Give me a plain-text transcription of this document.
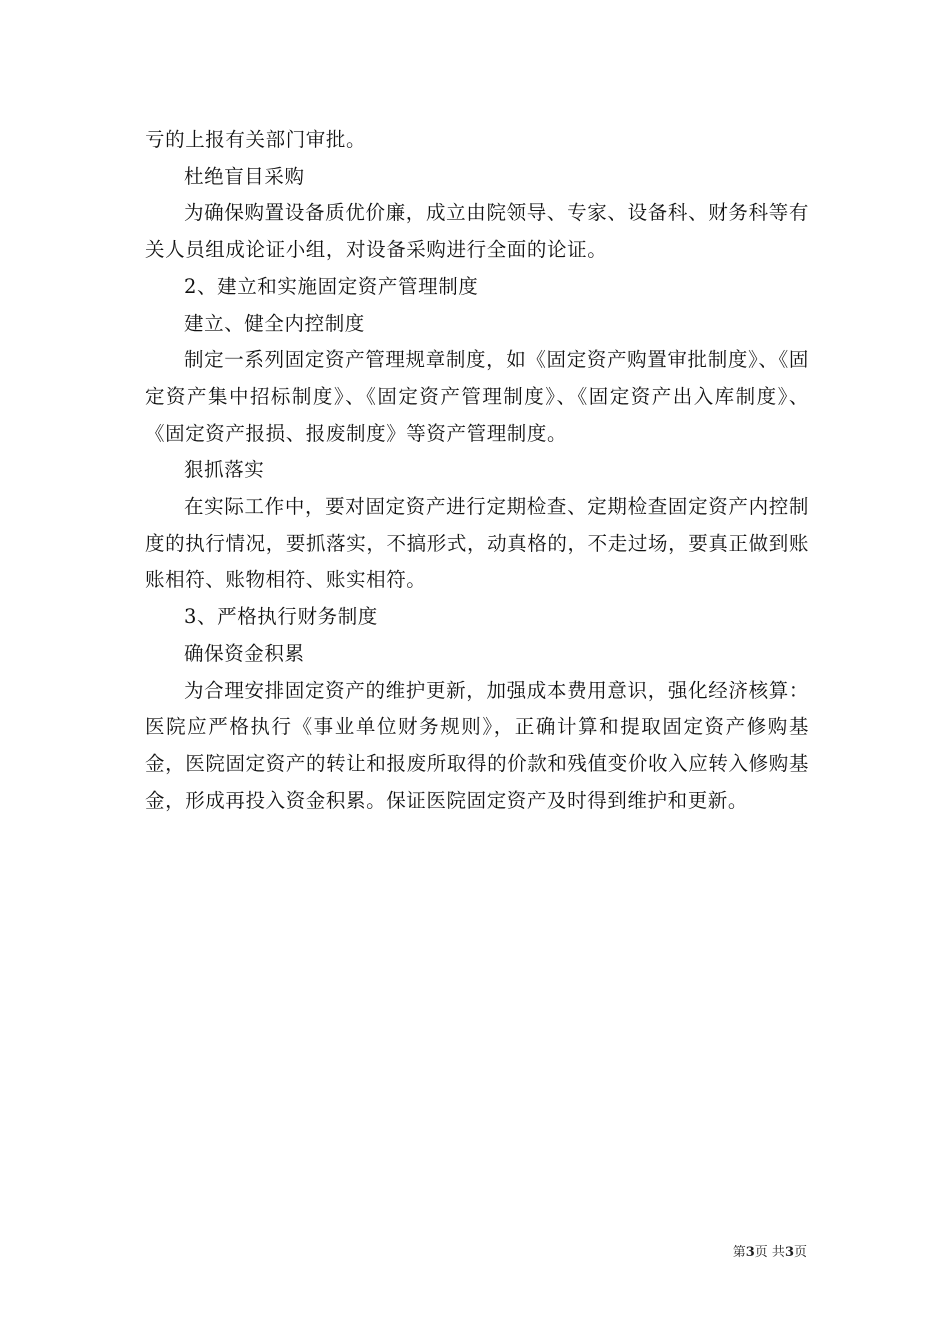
亏的上报有关部门审批。

杜绝盲目采购

为确保购置设备质优价廉，成立由院领导、专家、设备科、财务科等有关人员组成论证小组，对设备采购进行全面的论证。

2、建立和实施固定资产管理制度

建立、健全内控制度

制定一系列固定资产管理规章制度，如《固定资产购置审批制度》、《固定资产集中招标制度》、《固定资产管理制度》、《固定资产出入库制度》、《固定资产报损、报废制度》等资产管理制度。

狠抓落实

在实际工作中，要对固定资产进行定期检查、定期检查固定资产内控制度的执行情况，要抓落实，不搞形式，动真格的，不走过场，要真正做到账账相符、账物相符、账实相符。

3、严格执行财务制度

确保资金积累

为合理安排固定资产的维护更新，加强成本费用意识，强化经济核算：医院应严格执行《事业单位财务规则》，正确计算和提取固定资产修购基金，医院固定资产的转让和报废所取得的价款和残值变价收入应转入修购基金，形成再投入资金积累。保证医院固定资产及时得到维护和更新。

第3页 共3页
